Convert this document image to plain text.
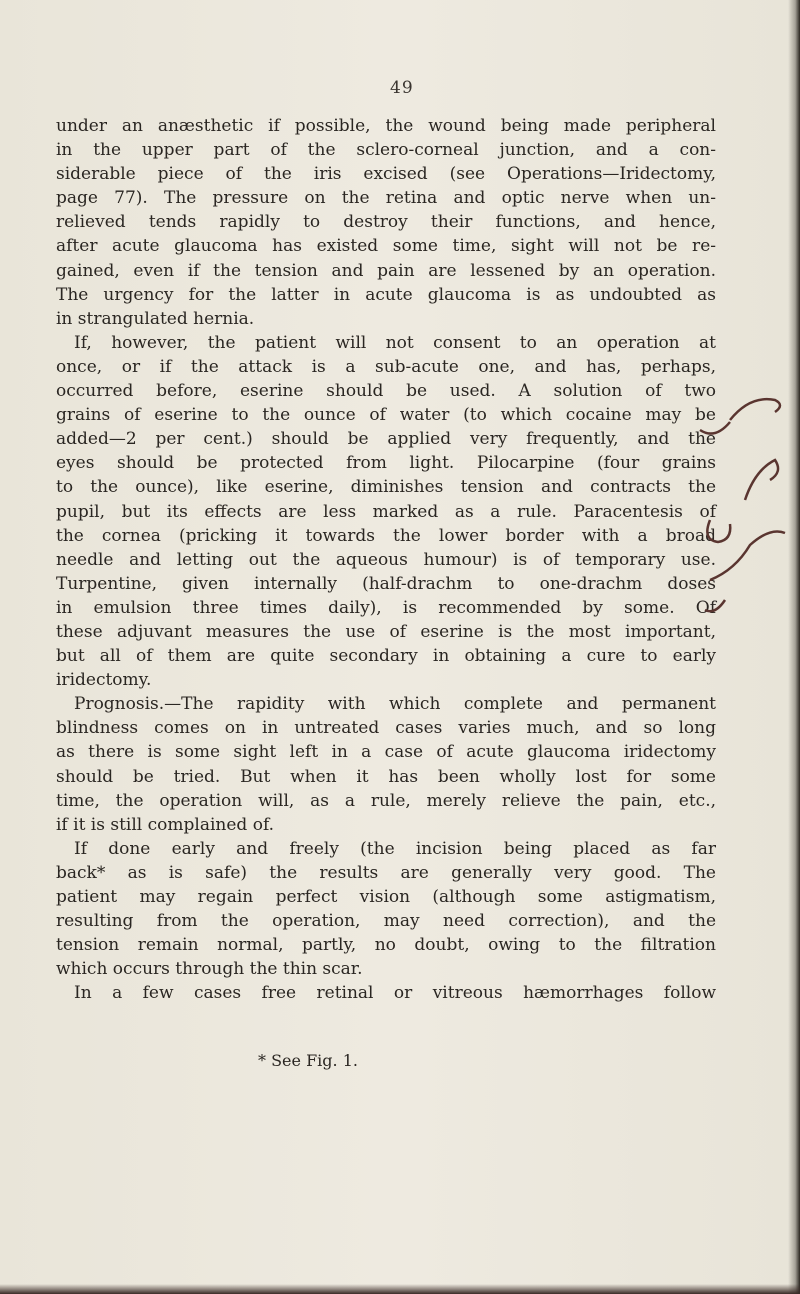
49
under an anæsthetic if possible, the wound being made peripheral
in the upper part of the sclero-corneal junction, and a con-
siderable piece of the iris excised (see Operations—Iridectomy,
page 77). The pressure on the retina and optic nerve when un-
relieved tends rapidly to destroy their functions, and hence,
after acute glaucoma has existed some time, sight will not be re-
gained, even if the tension and pain are lessened by an operation.
The urgency for the latter in acute glaucoma is as undoubted as
in strangulated hernia.
If, however, the patient will not consent to an operation at
once, or if the attack is a sub-acute one, and has, perhaps,
occurred before, eserine should be used. A solution of two
grains of eserine to the ounce of water (to which cocaine may be
added—2 per cent.) should be applied very frequently, and the
eyes should be protected from light. Pilocarpine (four grains
to the ounce), like eserine, diminishes tension and contracts the
pupil, but its effects are less marked as a rule. Paracentesis of
the cornea (pricking it towards the lower border with a broad
needle and letting out the aqueous humour) is of temporary use.
Turpentine, given internally (half-drachm to one-drachm doses
in emulsion three times daily), is recommended by some. Of
these adjuvant measures the use of eserine is the most important,
but all of them are quite secondary in obtaining a cure to early
iridectomy.
Prognosis.—The rapidity with which complete and permanent
blindness comes on in untreated cases varies much, and so long
as there is some sight left in a case of acute glaucoma iridectomy
should be tried. But when it has been wholly lost for some
time, the operation will, as a rule, merely relieve the pain, etc.,
if it is still complained of.
If done early and freely (the incision being placed as far
back* as is safe) the results are generally very good. The
patient may regain perfect vision (although some astigmatism,
resulting from the operation, may need correction), and the
tension remain normal, partly, no doubt, owing to the filtration
which occurs through the thin scar.
In a few cases free retinal or vitreous hæmorrhages follow
* See Fig. 1.
